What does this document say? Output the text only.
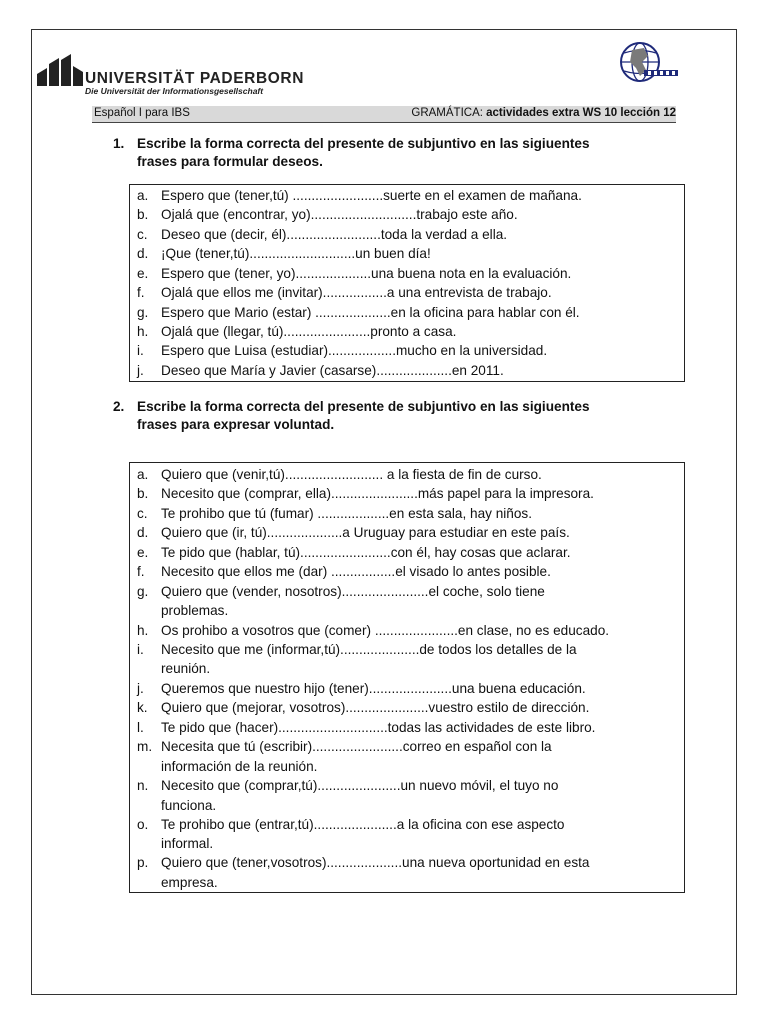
UNIVERSITÄT PADERBORN
Die Universität der Informationsgesellschaft
Español I para IBS	GRAMÁTICA: actividades extra WS 10 lección 12
1. Escribe la forma correcta del presente de subjuntivo en las sigiuentes
frases para formular deseos.
a. Espero que (tener,tú) ........................suerte en el examen de mañana.
b. Ojalá que (encontrar, yo)............................trabajo este año.
c. Deseo que (decir, él).........................toda la verdad a ella.
d. ¡Que (tener,tú)............................un buen día!
e. Espero que (tener, yo)....................una buena nota en la evaluación.
f. Ojalá que ellos me (invitar).................a una entrevista de trabajo.
g. Espero que Mario (estar) ....................en la oficina para hablar con él.
h. Ojalá que (llegar, tú).......................pronto a casa.
i. Espero que Luisa (estudiar)..................mucho en la universidad.
j. Deseo que María y Javier (casarse)....................en 2011.
2. Escribe la forma correcta del presente de subjuntivo en las sigiuentes
frases para expresar voluntad.
a. Quiero que (venir,tú).......................... a la fiesta de fin de curso.
b. Necesito que (comprar, ella).......................más papel para la impresora.
c. Te prohibo que tú (fumar) ...................en esta sala, hay niños.
d. Quiero que (ir, tú)....................a Uruguay para estudiar en este país.
e. Te pido que (hablar, tú)........................con él, hay cosas que aclarar.
f. Necesito que ellos me (dar) .................el visado lo antes posible.
g. Quiero que (vender, nosotros).......................el coche, solo tiene
problemas.
h. Os prohibo a vosotros que (comer) ......................en clase, no es educado.
i. Necesito que me (informar,tú).....................de todos los detalles de la
reunión.
j. Queremos que nuestro hijo (tener)......................una buena educación.
k. Quiero que (mejorar, vosotros)......................vuestro estilo de dirección.
l. Te pido que (hacer).............................todas las actividades de este libro.
m. Necesita que tú (escribir)........................correo en español con la
información de la reunión.
n. Necesito que (comprar,tú)......................un nuevo móvil, el tuyo no
funciona.
o. Te prohibo que (entrar,tú)......................a la oficina con ese aspecto
informal.
p. Quiero que (tener,vosotros)....................una nueva oportunidad en esta
empresa.
